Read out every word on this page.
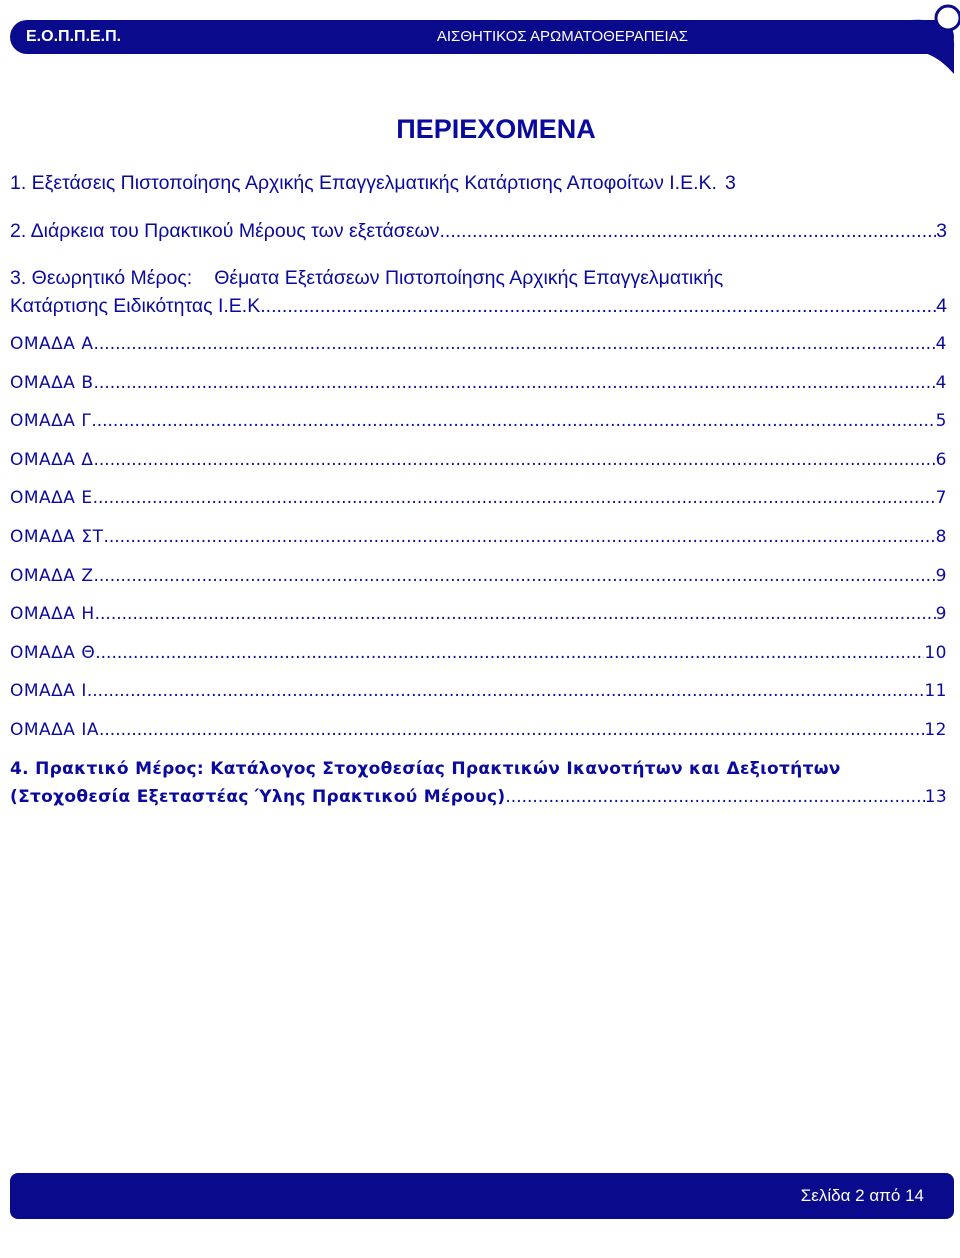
Ε.Ο.Π.Π.Ε.Π.	ΑΙΣΘΗΤΙΚΟΣ ΑΡΩΜΑΤΟΘΕΡΑΠΕΙΑΣ
ΠΕΡΙΕΧΟΜΕΝΑ
1. Εξετάσεις Πιστοποίησης Αρχικής Επαγγελματικής Κατάρτισης Αποφοίτων Ι.Ε.Κ. 3
2. Διάρκεια του Πρακτικού Μέρους των εξετάσεων .....	3
3. Θεωρητικό Μέρος: Θέματα Εξετάσεων Πιστοποίησης Αρχικής Επαγγελματικής
Κατάρτισης Ειδικότητας Ι.Ε.Κ. .....	4
ΟΜΑΔΑ Α .....	4
ΟΜΑΔΑ Β .....	4
ΟΜΑΔΑ Γ .....	5
ΟΜΑΔΑ Δ .....	6
ΟΜΑΔΑ Ε .....	7
ΟΜΑΔΑ ΣΤ .....	8
ΟΜΑΔΑ Ζ .....	9
ΟΜΑΔΑ Η .....	9
ΟΜΑΔΑ Θ .....	10
ΟΜΑΔΑ Ι .....	11
ΟΜΑΔΑ ΙΑ .....	12
4. Πρακτικό Μέρος: Κατάλογος Στοχοθεσίας Πρακτικών Ικανοτήτων και Δεξιοτήτων
(Στοχοθεσία Εξεταστέας Ύλης Πρακτικού Μέρους) .....	13
Σελίδα 2 από 14
